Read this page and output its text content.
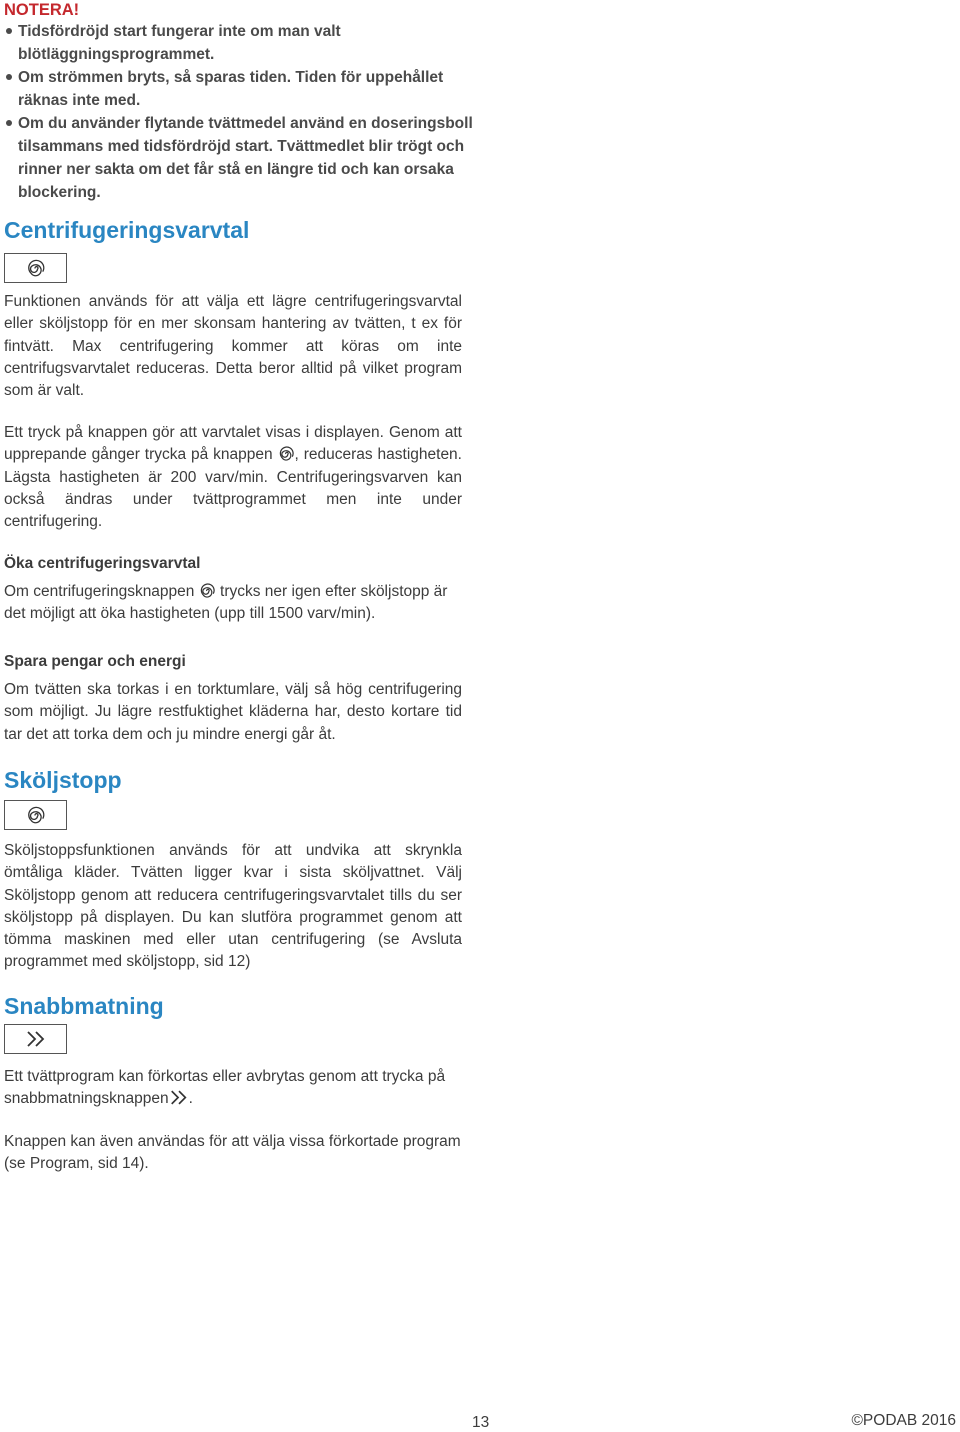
NOTERA!
Tidsfördröjd start fungerar inte om man valt blötläggningsprogrammet.
Om strömmen bryts, så sparas tiden. Tiden för uppehållet räknas inte med.
Om du använder flytande tvättmedel använd en doseringsboll tilsammans med tidsfördröjd start. Tvättmedlet blir trögt och rinner ner sakta om det får stå en längre tid och kan orsaka blockering.
Centrifugeringsvarvtal
Funktionen används för att välja ett lägre centrifugeringsvarvtal eller sköljstopp för en mer skonsam hantering av tvätten, t ex för fintvätt. Max centrifugering kommer att köras om inte centrifugsvarvtalet reduceras. Detta beror alltid på vilket program som är valt.
Ett tryck på knappen gör att varvtalet visas i displayen. Genom att upprepande gånger trycka på knappen , reduceras hastigheten. Lägsta hastigheten är 200 varv/min. Centrifugeringsvarven kan också ändras under tvättprogrammet men inte under centrifugering.
Öka centrifugeringsvarvtal
Om centrifugeringsknappen  trycks ner igen efter sköljstopp är det möjligt att öka hastigheten (upp till 1500 varv/min).
Spara pengar och energi
Om tvätten ska torkas i en torktumlare, välj så hög centrifugering som möjligt. Ju lägre restfuktighet kläderna har, desto kortare tid tar det att torka dem och ju mindre energi går åt.
Sköljstopp
Sköljstoppsfunktionen används för att undvika att skrynkla ömtåliga kläder. Tvätten ligger kvar i sista sköljvattnet. Välj Sköljstopp genom att reducera centrifugeringsvarvtalet tills du ser sköljstopp på displayen. Du kan slutföra programmet genom att tömma maskinen med eller utan centrifugering (se Avsluta programmet med sköljstopp, sid 12)
Snabbmatning
Ett tvättprogram kan förkortas eller avbrytas genom att trycka på snabbmatningsknappen .
Knappen kan även användas för att välja vissa förkortade program (se Program, sid 14).
13	©PODAB 2016
